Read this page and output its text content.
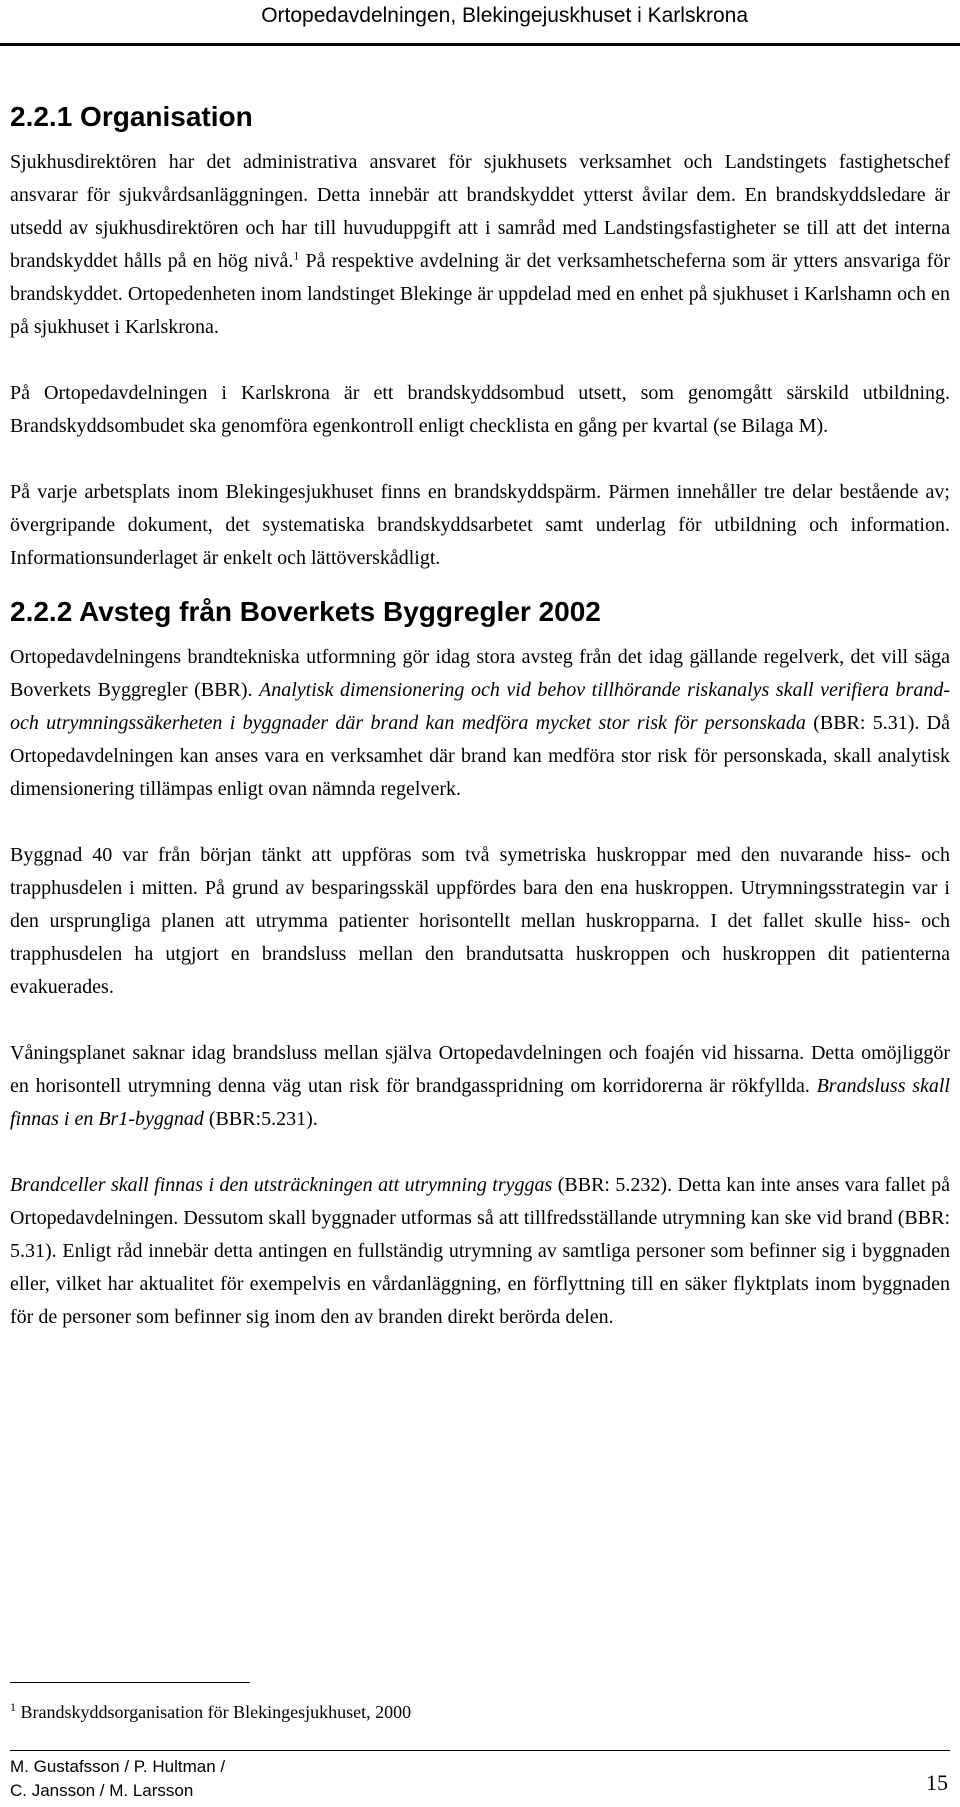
Ortopedavdelningen, Blekingejuskhuset i Karlskrona
2.2.1 Organisation

Sjukhusdirektören har det administrativa ansvaret för sjukhusets verksamhet och Landstingets fastighetschef ansvarar för sjukvårdsanläggningen. Detta innebär att brandskyddet ytterst åvilar dem. En brandskyddsledare är utsedd av sjukhusdirektören och har till huvuduppgift att i samråd med Landstingsfastigheter se till att det interna brandskyddet hålls på en hög nivå.$^1$ På respektive avdelning är det verksamhetscheferna som är ytters ansvariga för brandskyddet. Ortopedenheten inom landstinget Blekinge är uppdelad med en enhet på sjukhuset i Karlshamn och en på sjukhuset i Karlskrona.

På Ortopedavdelningen i Karlskrona är ett brandskyddsombud utsett, som genomgått särskild utbildning. Brandskyddsombudet ska genomföra egenkontroll enligt checklista en gång per kvartal (se Bilaga M).

På varje arbetsplats inom Blekingesjukhuset finns en brandskyddspärm. Pärmen innehåller tre delar bestående av; övergripande dokument, det systematiska brandskyddsarbetet samt underlag för utbildning och information. Informationsunderlaget är enkelt och lättöverskådligt.

2.2.2 Avsteg från Boverkets Byggregler 2002

Ortopedavdelningens brandtekniska utformning gör idag stora avsteg från det idag gällande regelverk, det vill säga Boverkets Byggregler (BBR). Analytisk dimensionering och vid behov tillhörande riskanalys skall verifiera brand- och utrymningssäkerheten i byggnader där brand kan medföra mycket stor risk för personskada (BBR: 5.31). Då Ortopedavdelningen kan anses vara en verksamhet där brand kan medföra stor risk för personskada, skall analytisk dimensionering tillämpas enligt ovan nämnda regelverk.

Byggnad 40 var från början tänkt att uppföras som två symetriska huskroppar med den nuvarande hiss- och trapphusdelen i mitten. På grund av besparingsskäl uppfördes bara den ena huskroppen. Utrymningsstrategin var i den ursprungliga planen att utrymma patienter horisontellt mellan huskropparna. I det fallet skulle hiss- och trapphusdelen ha utgjort en brandsluss mellan den brandutsatta huskroppen och huskroppen dit patienterna evakuerades.

Våningsplanet saknar idag brandsluss mellan själva Ortopedavdelningen och foajén vid hissarna. Detta omöjliggör en horisontell utrymning denna väg utan risk för brandgasspridning om korridorerna är rökfyllda. Brandsluss skall finnas i en Br1-byggnad (BBR:5.231).

Brandceller skall finnas i den utsträckningen att utrymning tryggas (BBR: 5.232). Detta kan inte anses vara fallet på Ortopedavdelningen. Dessutom skall byggnader utformas så att tillfredsställande utrymning kan ske vid brand (BBR: 5.31). Enligt råd innebär detta antingen en fullständig utrymning av samtliga personer som befinner sig i byggnaden eller, vilket har aktualitet för exempelvis en vårdanläggning, en förflyttning till en säker flyktplats inom byggnaden för de personer som befinner sig inom den av branden direkt berörda delen.

$^1$ Brandskyddsorganisation för Blekingesjukhuset, 2000
M. Gustafsson / P. Hultman /
C. Jansson / M. Larsson	15
